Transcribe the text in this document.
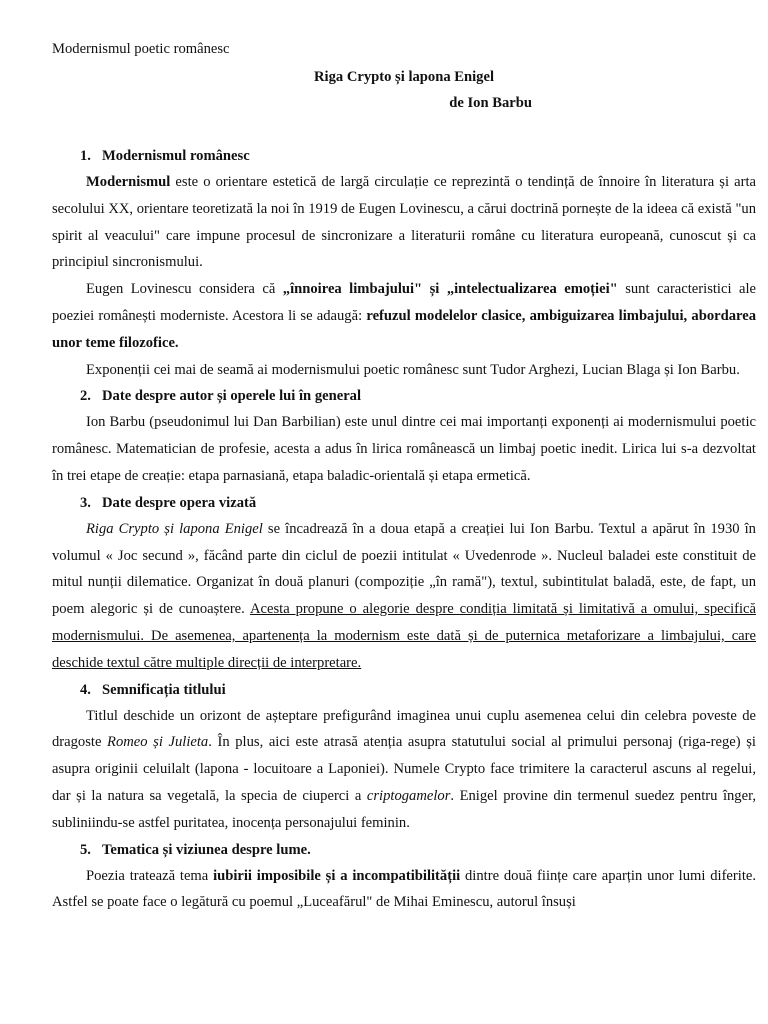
Modernismul poetic românesc

Riga Crypto și lapona Enigel

de Ion Barbu

1. Modernismul românesc

Modernismul este o orientare estetică de largă circulație ce reprezintă o tendință de înnoire în literatura și arta secolului XX, orientare teoretizată la noi în 1919 de Eugen Lovinescu, a cărui doctrină pornește de la ideea că există "un spirit al veacului" care impune procesul de sincronizare a literaturii române cu literatura europeană, cunoscut și ca principiul sincronismului.

Eugen Lovinescu considera că „înnoirea limbajului" și „intelectualizarea emoției" sunt caracteristici ale poeziei românești moderniste. Acestora li se adaugă: refuzul modelelor clasice, ambiguizarea limbajului, abordarea unor teme filozofice.

Exponenții cei mai de seamă ai modernismului poetic românesc sunt Tudor Arghezi, Lucian Blaga și Ion Barbu.

2. Date despre autor și operele lui în general

Ion Barbu (pseudonimul lui Dan Barbilian) este unul dintre cei mai importanți exponenți ai modernismului poetic românesc. Matematician de profesie, acesta a adus în lirica românească un limbaj poetic inedit. Lirica lui s-a dezvoltat în trei etape de creație: etapa parnasiană, etapa baladic-orientală și etapa ermetică.

3. Date despre opera vizată

Riga Crypto și lapona Enigel se încadrează în a doua etapă a creației lui Ion Barbu. Textul a apărut în 1930 în volumul « Joc secund », făcând parte din ciclul de poezii intitulat « Uvedenrode ». Nucleul baladei este constituit de mitul nunții dilematice. Organizat în două planuri (compoziție „în ramă"), textul, subintitulat baladă, este, de fapt, un poem alegoric și de cunoaștere. Acesta propune o alegorie despre condiția limitată și limitativă a omului, specifică modernismului. De asemenea, apartenența la modernism este dată și de puternica metaforizare a limbajului, care deschide textul către multiple direcții de interpretare.

4. Semnificația titlului

Titlul deschide un orizont de așteptare prefigurând imaginea unui cuplu asemenea celui din celebra poveste de dragoste Romeo și Julieta. În plus, aici este atrasă atenția asupra statutului social al primului personaj (riga-rege) și asupra originii celuilalt (lapona - locuitoare a Laponiei). Numele Crypto face trimitere la caracterul ascuns al regelui, dar și la natura sa vegetală, la specia de ciuperci a criptogamelor. Enigel provine din termenul suedez pentru înger, subliniindu-se astfel puritatea, inocența personajului feminin.

5. Tematica și viziunea despre lume.

Poezia tratează tema iubirii imposibile și a incompatibilității dintre două ființe care aparțin unor lumi diferite. Astfel se poate face o legătură cu poemul „Luceafărul" de Mihai Eminescu, autorul însuși
